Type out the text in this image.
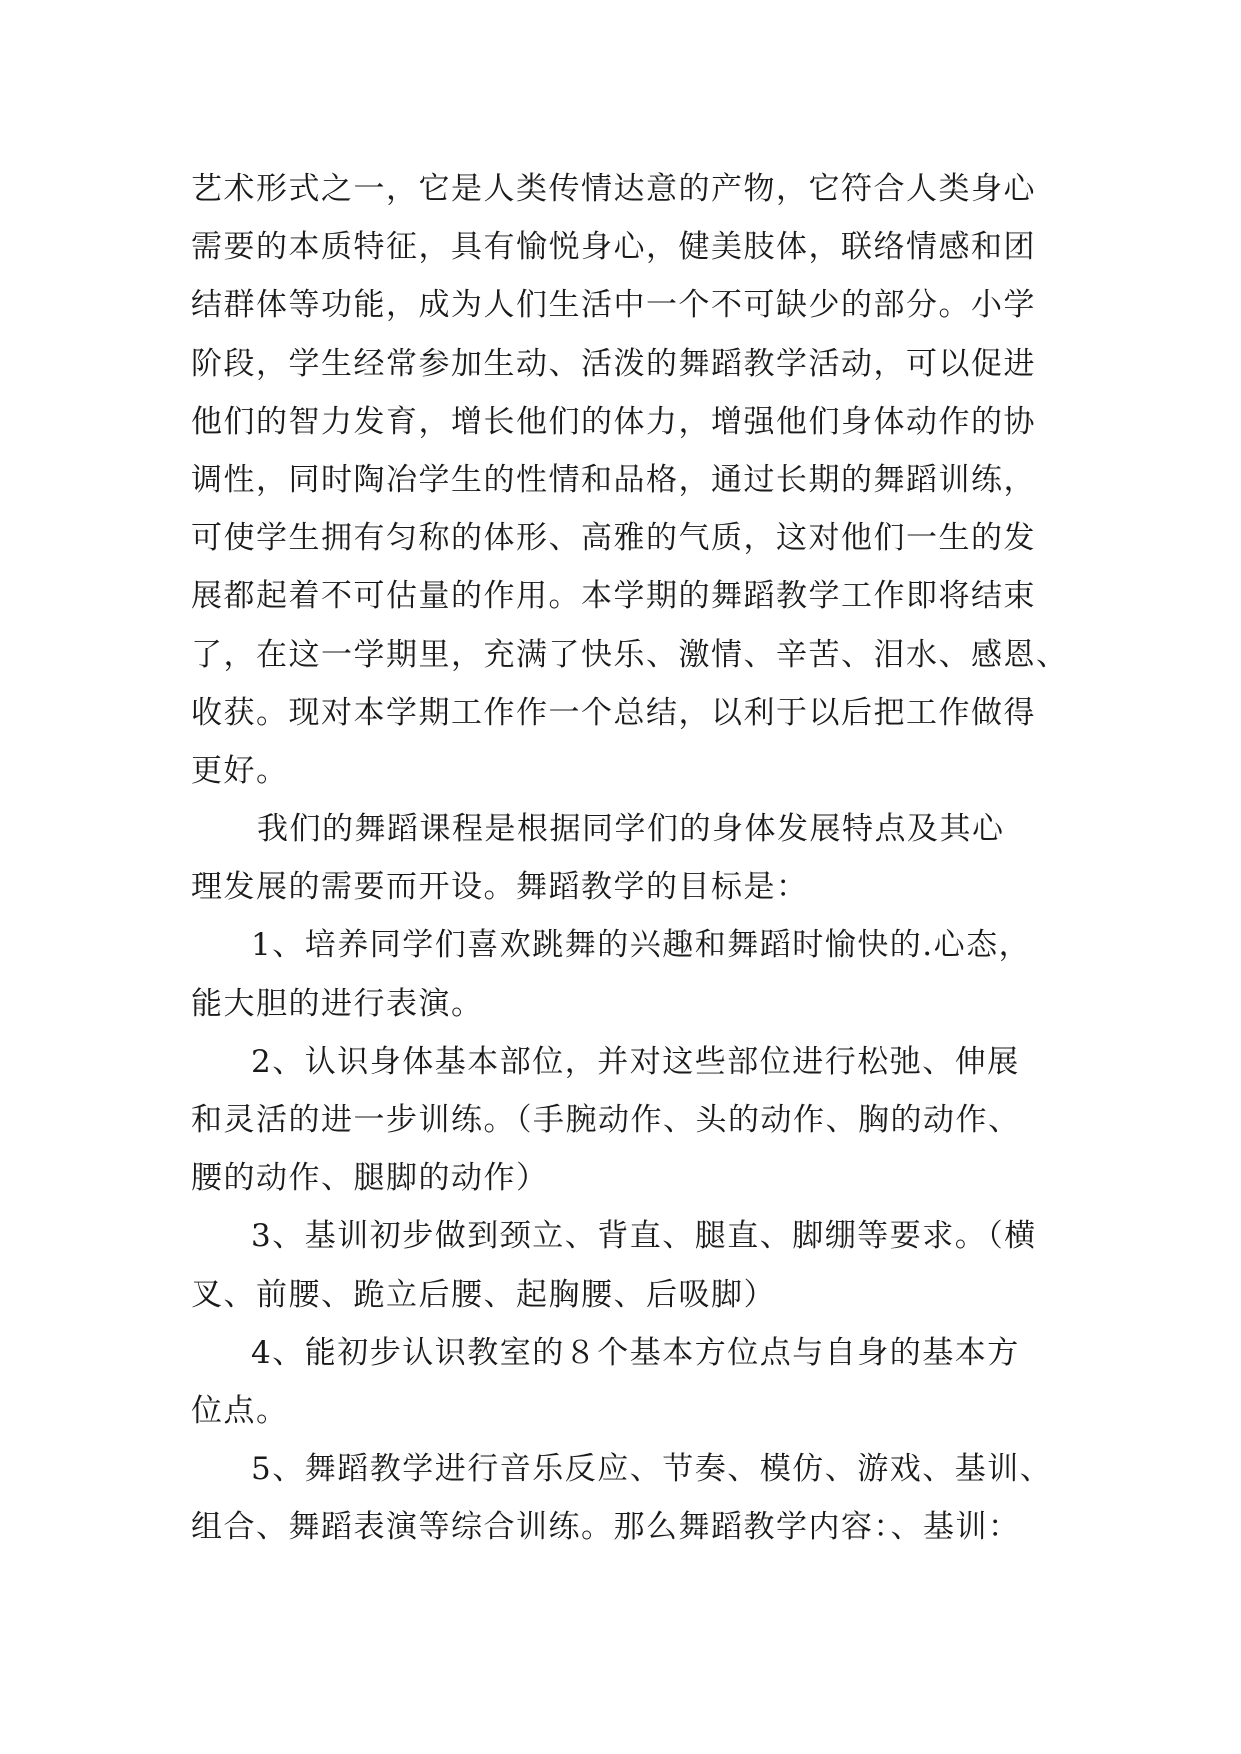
艺术形式之一，它是人类传情达意的产物，它符合人类身心
需要的本质特征，具有愉悦身心，健美肢体，联络情感和团
结群体等功能，成为人们生活中一个不可缺少的部分。小学
阶段，学生经常参加生动、活泼的舞蹈教学活动，可以促进
他们的智力发育，增长他们的体力，增强他们身体动作的协
调性，同时陶冶学生的性情和品格，通过长期的舞蹈训练，
可使学生拥有匀称的体形、高雅的气质，这对他们一生的发
展都起着不可估量的作用。本学期的舞蹈教学工作即将结束
了，在这一学期里，充满了快乐、激情、辛苦、泪水、感恩、
收获。现对本学期工作作一个总结，以利于以后把工作做得
更好。
我们的舞蹈课程是根据同学们的身体发展特点及其心
理发展的需要而开设。舞蹈教学的目标是：
1、培养同学们喜欢跳舞的兴趣和舞蹈时愉快的.心态，
能大胆的进行表演。
2、认识身体基本部位，并对这些部位进行松弛、伸展
和灵活的进一步训练。（手腕动作、头的动作、胸的动作、
腰的动作、腿脚的动作）
3、基训初步做到颈立、背直、腿直、脚绷等要求。（横
叉、前腰、跪立后腰、起胸腰、后吸脚）
4、能初步认识教室的８个基本方位点与自身的基本方
位点。
5、舞蹈教学进行音乐反应、节奏、模仿、游戏、基训、
组合、舞蹈表演等综合训练。那么舞蹈教学内容：、基训：
